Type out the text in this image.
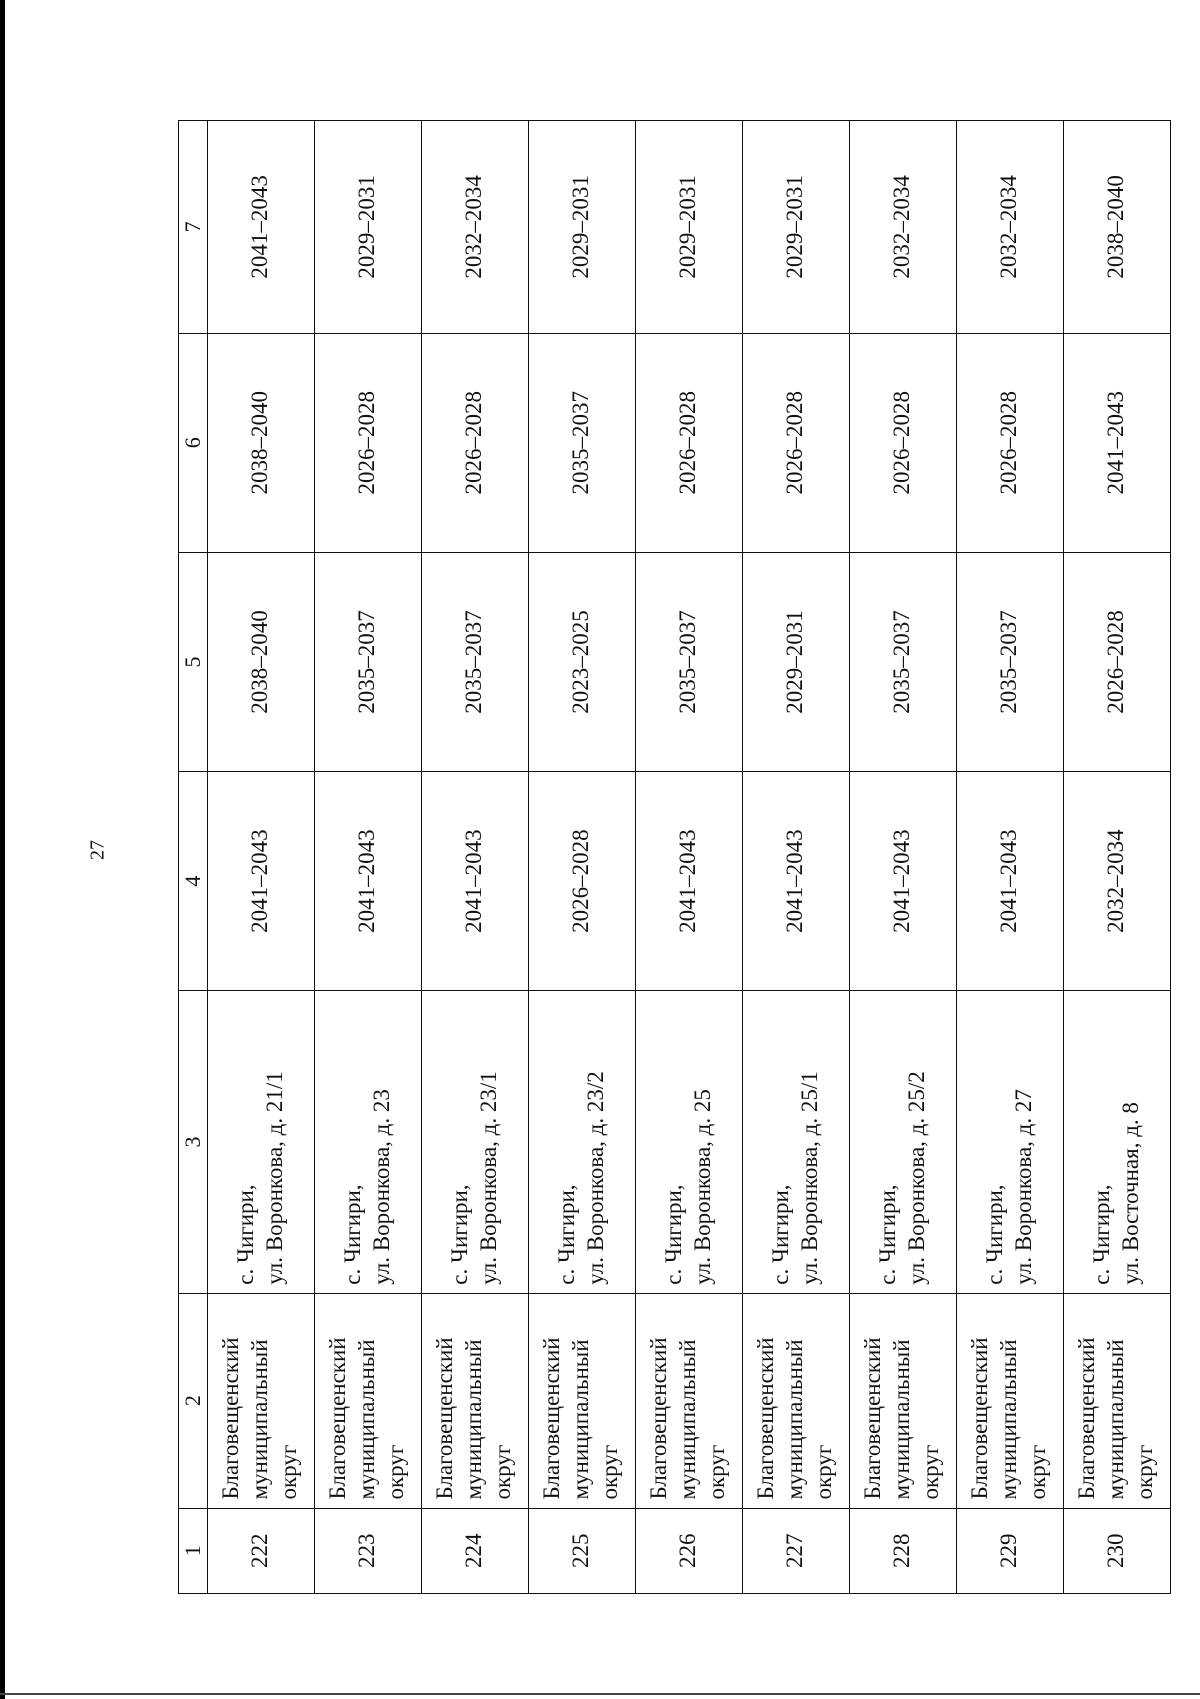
27
1	2	3	4	5	6	7
222	Благовещенский муниципальный округ	с. Чигири, ул. Воронкова, д. 21/1	2041–2043	2038–2040	2038–2040	2041–2043
223	Благовещенский муниципальный округ	с. Чигири, ул. Воронкова, д. 23	2041–2043	2035–2037	2026–2028	2029–2031
224	Благовещенский муниципальный округ	с. Чигири, ул. Воронкова, д. 23/1	2041–2043	2035–2037	2026–2028	2032–2034
225	Благовещенский муниципальный округ	с. Чигири, ул. Воронкова, д. 23/2	2026–2028	2023–2025	2035–2037	2029–2031
226	Благовещенский муниципальный округ	с. Чигири, ул. Воронкова, д. 25	2041–2043	2035–2037	2026–2028	2029–2031
227	Благовещенский муниципальный округ	с. Чигири, ул. Воронкова, д. 25/1	2041–2043	2029–2031	2026–2028	2029–2031
228	Благовещенский муниципальный округ	с. Чигири, ул. Воронкова, д. 25/2	2041–2043	2035–2037	2026–2028	2032–2034
229	Благовещенский муниципальный округ	с. Чигири, ул. Воронкова, д. 27	2041–2043	2035–2037	2026–2028	2032–2034
230	Благовещенский муниципальный округ	с. Чигири, ул. Восточная, д. 8	2032–2034	2026–2028	2041–2043	2038–2040
